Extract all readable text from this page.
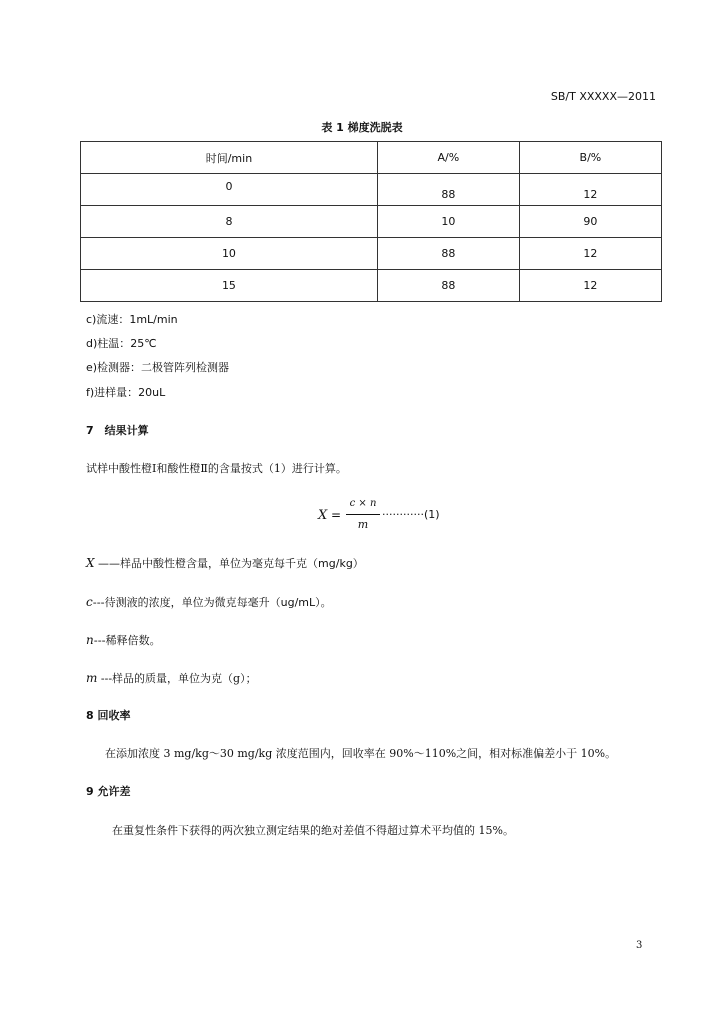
SB/T XXXXX—2011
表 1 梯度洗脱表
时间/min	A/%	B/%
0	88	12
8	10	90
10	88	12
15	88	12
c)流速：1mL/min
d)柱温：25℃
e)检测器：二极管阵列检测器
f)进样量：20uL
7　结果计算
试样中酸性橙Ⅰ和酸性橙Ⅱ的含量按式（1）进行计算。
X =
c × n
m
············(1)
X ——样品中酸性橙含量，单位为毫克每千克（mg/kg）
c---待测液的浓度，单位为微克每毫升（ug/mL）。
n---稀释倍数。
m ---样品的质量，单位为克（g）；
8 回收率
在添加浓度 3 mg/kg～30 mg/kg 浓度范围内，回收率在 90%～110%之间，相对标准偏差小于 10%。
9 允许差
在重复性条件下获得的两次独立测定结果的绝对差值不得超过算术平均值的 15%。
3
